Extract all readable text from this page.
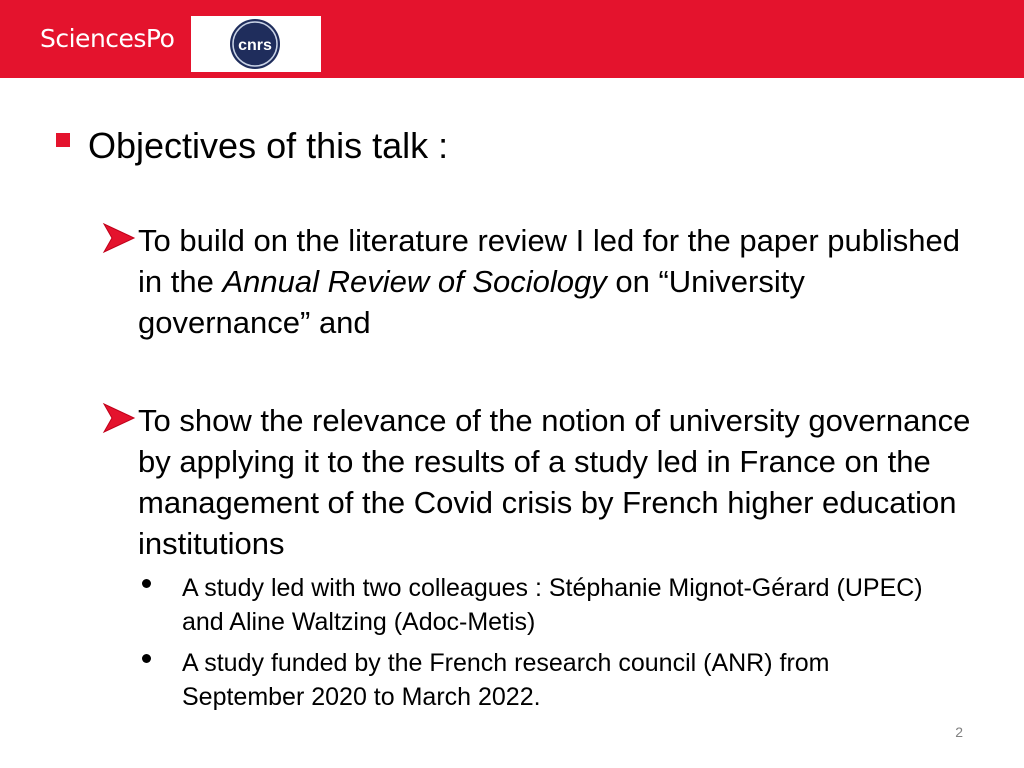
SciencesPo	cnrs
Objectives of this talk :
To build on the literature review I led for the paper published in the Annual Review of Sociology on “University governance” and
To show the relevance of the notion of university governance by applying it to the results of a study led in France on the management of the Covid crisis by French higher education institutions
A study led with two colleagues : Stéphanie Mignot-Gérard (UPEC) and Aline Waltzing (Adoc-Metis)
A study funded by the French research council (ANR) from September 2020 to March 2022.
2
